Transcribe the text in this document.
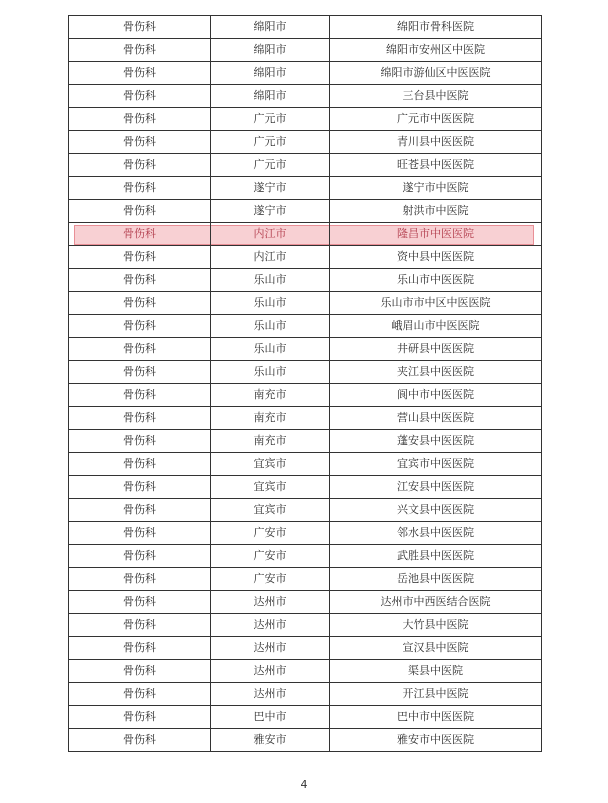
骨伤科	绵阳市	绵阳市骨科医院
骨伤科	绵阳市	绵阳市安州区中医院
骨伤科	绵阳市	绵阳市游仙区中医医院
骨伤科	绵阳市	三台县中医院
骨伤科	广元市	广元市中医医院
骨伤科	广元市	青川县中医医院
骨伤科	广元市	旺苍县中医医院
骨伤科	遂宁市	遂宁市中医院
骨伤科	遂宁市	射洪市中医院
骨伤科	内江市	隆昌市中医医院
骨伤科	内江市	资中县中医医院
骨伤科	乐山市	乐山市中医医院
骨伤科	乐山市	乐山市市中区中医医院
骨伤科	乐山市	峨眉山市中医医院
骨伤科	乐山市	井研县中医医院
骨伤科	乐山市	夹江县中医医院
骨伤科	南充市	阆中市中医医院
骨伤科	南充市	营山县中医医院
骨伤科	南充市	蓬安县中医医院
骨伤科	宜宾市	宜宾市中医医院
骨伤科	宜宾市	江安县中医医院
骨伤科	宜宾市	兴文县中医医院
骨伤科	广安市	邻水县中医医院
骨伤科	广安市	武胜县中医医院
骨伤科	广安市	岳池县中医医院
骨伤科	达州市	达州市中西医结合医院
骨伤科	达州市	大竹县中医院
骨伤科	达州市	宣汉县中医院
骨伤科	达州市	渠县中医院
骨伤科	达州市	开江县中医院
骨伤科	巴中市	巴中市中医医院
骨伤科	雅安市	雅安市中医医院
4
